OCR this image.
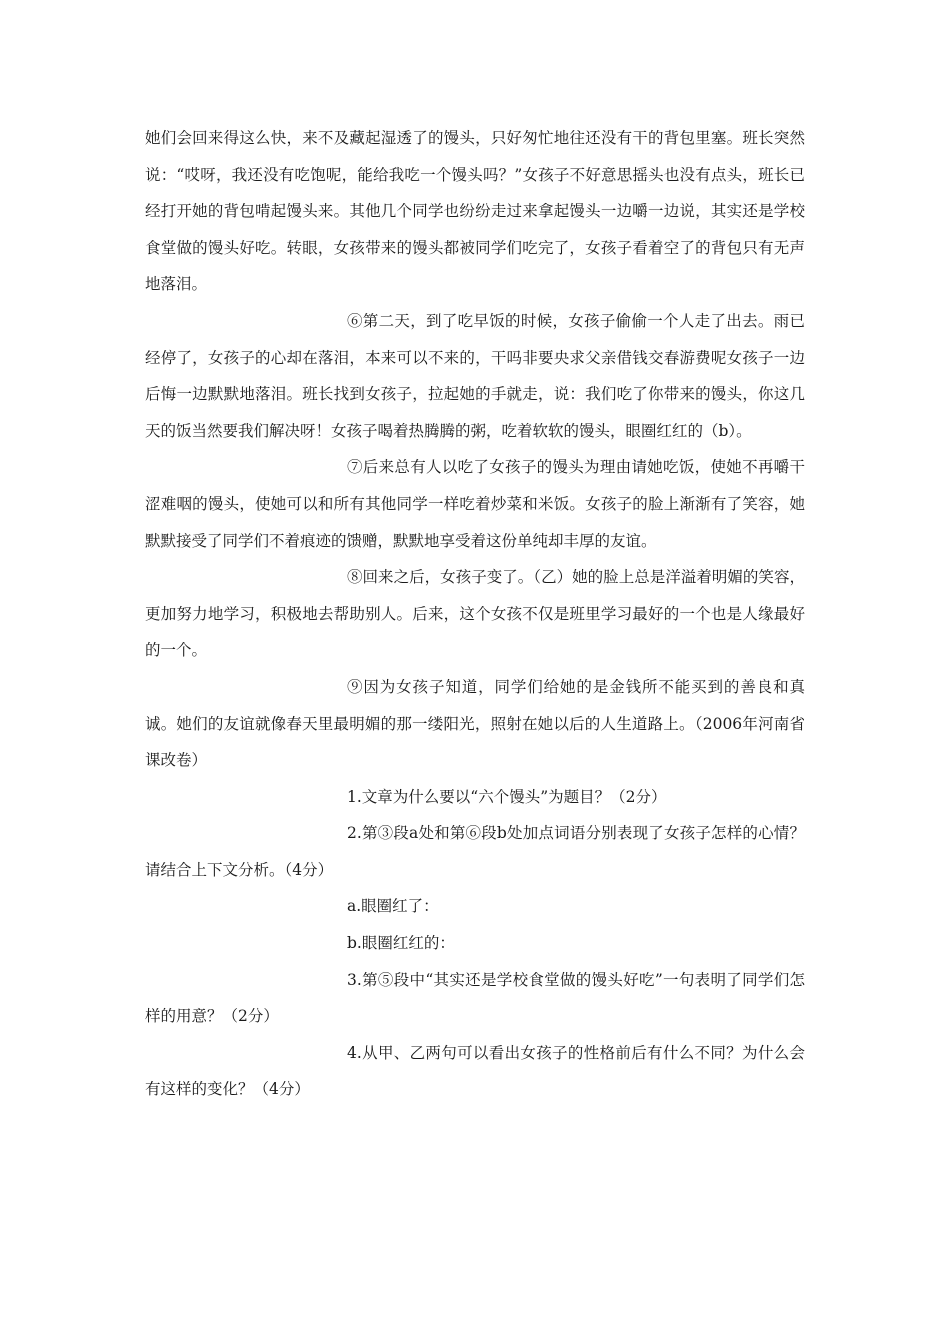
她们会回来得这么快，来不及藏起湿透了的馒头，只好匆忙地往还没有干的背包里塞。班长突然说：“哎呀，我还没有吃饱呢，能给我吃一个馒头吗？”女孩子不好意思摇头也没有点头，班长已经打开她的背包啃起馒头来。其他几个同学也纷纷走过来拿起馒头一边嚼一边说，其实还是学校食堂做的馒头好吃。转眼，女孩带来的馒头都被同学们吃完了，女孩子看着空了的背包只有无声地落泪。

⑥第二天，到了吃早饭的时候，女孩子偷偷一个人走了出去。雨已经停了，女孩子的心却在落泪，本来可以不来的，干吗非要央求父亲借钱交春游费呢女孩子一边后悔一边默默地落泪。班长找到女孩子，拉起她的手就走，说：我们吃了你带来的馒头，你这几天的饭当然要我们解决呀！女孩子喝着热腾腾的粥，吃着软软的馒头，眼圈红红的（b）。

⑦后来总有人以吃了女孩子的馒头为理由请她吃饭，使她不再嚼干涩难咽的馒头，使她可以和所有其他同学一样吃着炒菜和米饭。女孩子的脸上渐渐有了笑容，她默默接受了同学们不着痕迹的馈赠，默默地享受着这份单纯却丰厚的友谊。

⑧回来之后，女孩子变了。（乙）她的脸上总是洋溢着明媚的笑容，更加努力地学习，积极地去帮助别人。后来，这个女孩不仅是班里学习最好的一个也是人缘最好的一个。

⑨因为女孩子知道，同学们给她的是金钱所不能买到的善良和真诚。她们的友谊就像春天里最明媚的那一缕阳光，照射在她以后的人生道路上。（2006年河南省课改卷）

1.文章为什么要以“六个馒头”为题目？（2分）

2.第③段a处和第⑥段b处加点词语分别表现了女孩子怎样的心情？请结合上下文分析。（4分）

a.眼圈红了：

b.眼圈红红的：

3.第⑤段中“其实还是学校食堂做的馒头好吃”一句表明了同学们怎样的用意？（2分）

4.从甲、乙两句可以看出女孩子的性格前后有什么不同？为什么会有这样的变化？（4分）
